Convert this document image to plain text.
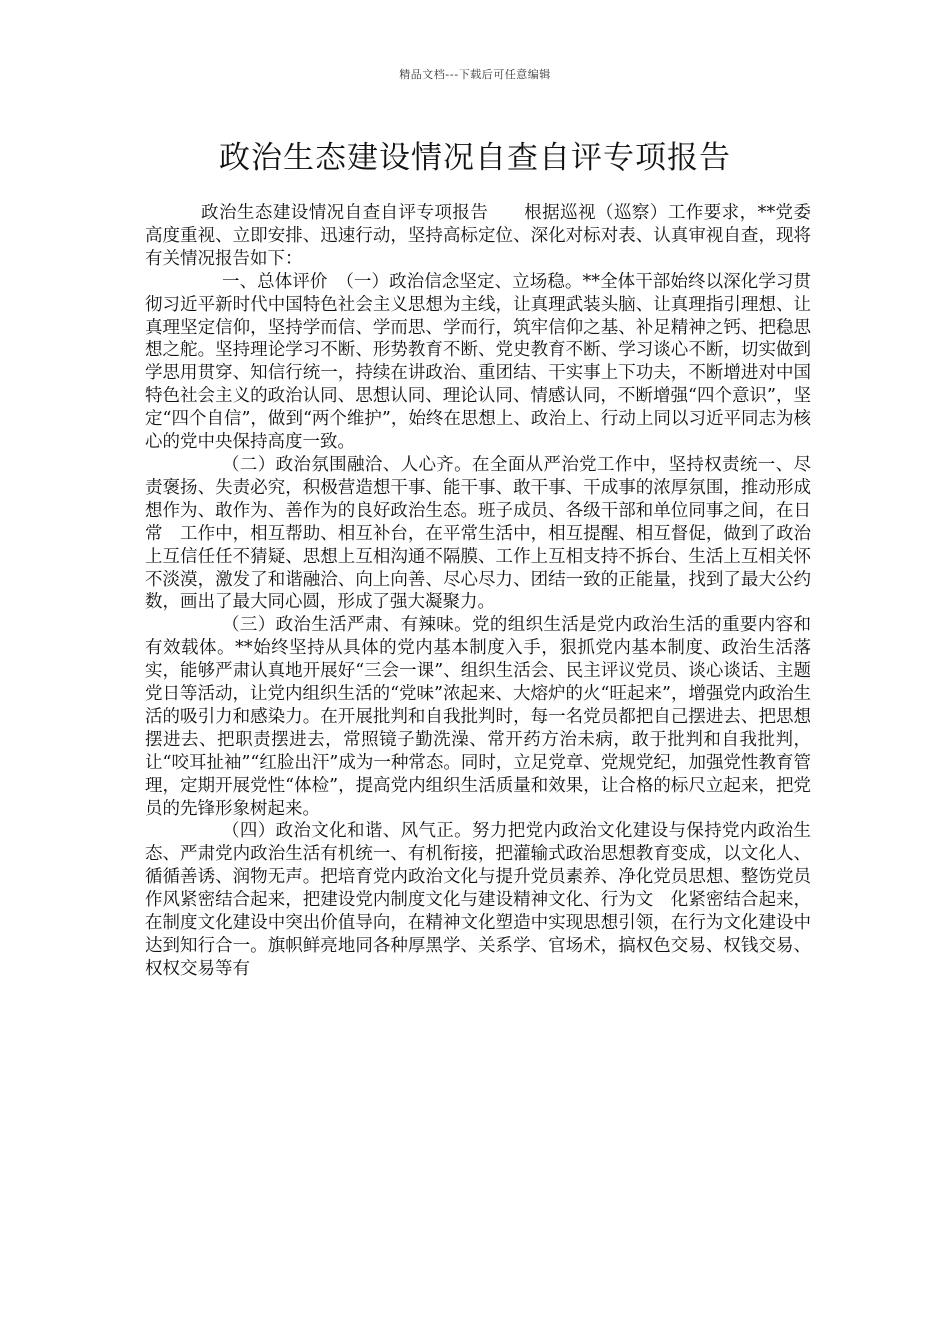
精品文档---下载后可任意编辑
政治生态建设情况自查自评专项报告

政治生态建设情况自查自评专项报告　　根据巡视（巡察）工作要求，**党委高度重视、立即安排、迅速行动，坚持高标定位、深化对标对表、认真审视自查，现将有关情况报告如下：

一、总体评价　（一）政治信念坚定、立场稳。**全体干部始终以深化学习贯彻习近平新时代中国特色社会主义思想为主线，让真理武装头脑、让真理指引理想、让真理坚定信仰，坚持学而信、学而思、学而行，筑牢信仰之基、补足精神之钙、把稳思想之舵。坚持理论学习不断、形势教育不断、党史教育不断、学习谈心不断，切实做到学思用贯穿、知信行统一，持续在讲政治、重团结、干实事上下功夫，不断增进对中国特色社会主义的政治认同、思想认同、理论认同、情感认同，不断增强“四个意识”，坚定“四个自信”，做到“两个维护”，始终在思想上、政治上、行动上同以习近平同志为核心的党中央保持高度一致。

（二）政治氛围融洽、人心齐。在全面从严治党工作中，坚持权责统一、尽责褒扬、失责必究，积极营造想干事、能干事、敢干事、干成事的浓厚氛围，推动形成想作为、敢作为、善作为的良好政治生态。班子成员、各级干部和单位同事之间，在日常　工作中，相互帮助、相互补台，在平常生活中，相互提醒、相互督促，做到了政治上互信任任不猜疑、思想上互相沟通不隔膜、工作上互相支持不拆台、生活上互相关怀不淡漠，激发了和谐融洽、向上向善、尽心尽力、团结一致的正能量，找到了最大公约数，画出了最大同心圆，形成了强大凝聚力。

（三）政治生活严肃、有辣味。党的组织生活是党内政治生活的重要内容和有效载体。**始终坚持从具体的党内基本制度入手，狠抓党内基本制度、政治生活落实，能够严肃认真地开展好“三会一课”、组织生活会、民主评议党员、谈心谈话、主题党日等活动，让党内组织生活的“党味”浓起来、大熔炉的火“旺起来”，增强党内政治生活的吸引力和感染力。在开展批判和自我批判时，每一名党员都把自己摆进去、把思想摆进去、把职责摆进去，常照镜子勤洗澡、常开药方治未病，敢于批判和自我批判，让“咬耳扯袖”“红脸出汗”成为一种常态。同时，立足党章、党规党纪，加强党性教育管理，定期开展党性“体检”，提高党内组织生活质量和效果，让合格的标尺立起来，把党员的先锋形象树起来。

（四）政治文化和谐、风气正。努力把党内政治文化建设与保持党内政治生态、严肃党内政治生活有机统一、有机衔接，把灌输式政治思想教育变成，以文化人、循循善诱、润物无声。把培育党内政治文化与提升党员素养、净化党员思想、整饬党员作风紧密结合起来，把建设党内制度文化与建设精神文化、行为文　化紧密结合起来，在制度文化建设中突出价值导向，在精神文化塑造中实现思想引领，在行为文化建设中达到知行合一。旗帜鲜亮地同各种厚黑学、关系学、官场术，搞权色交易、权钱交易、权权交易等有
